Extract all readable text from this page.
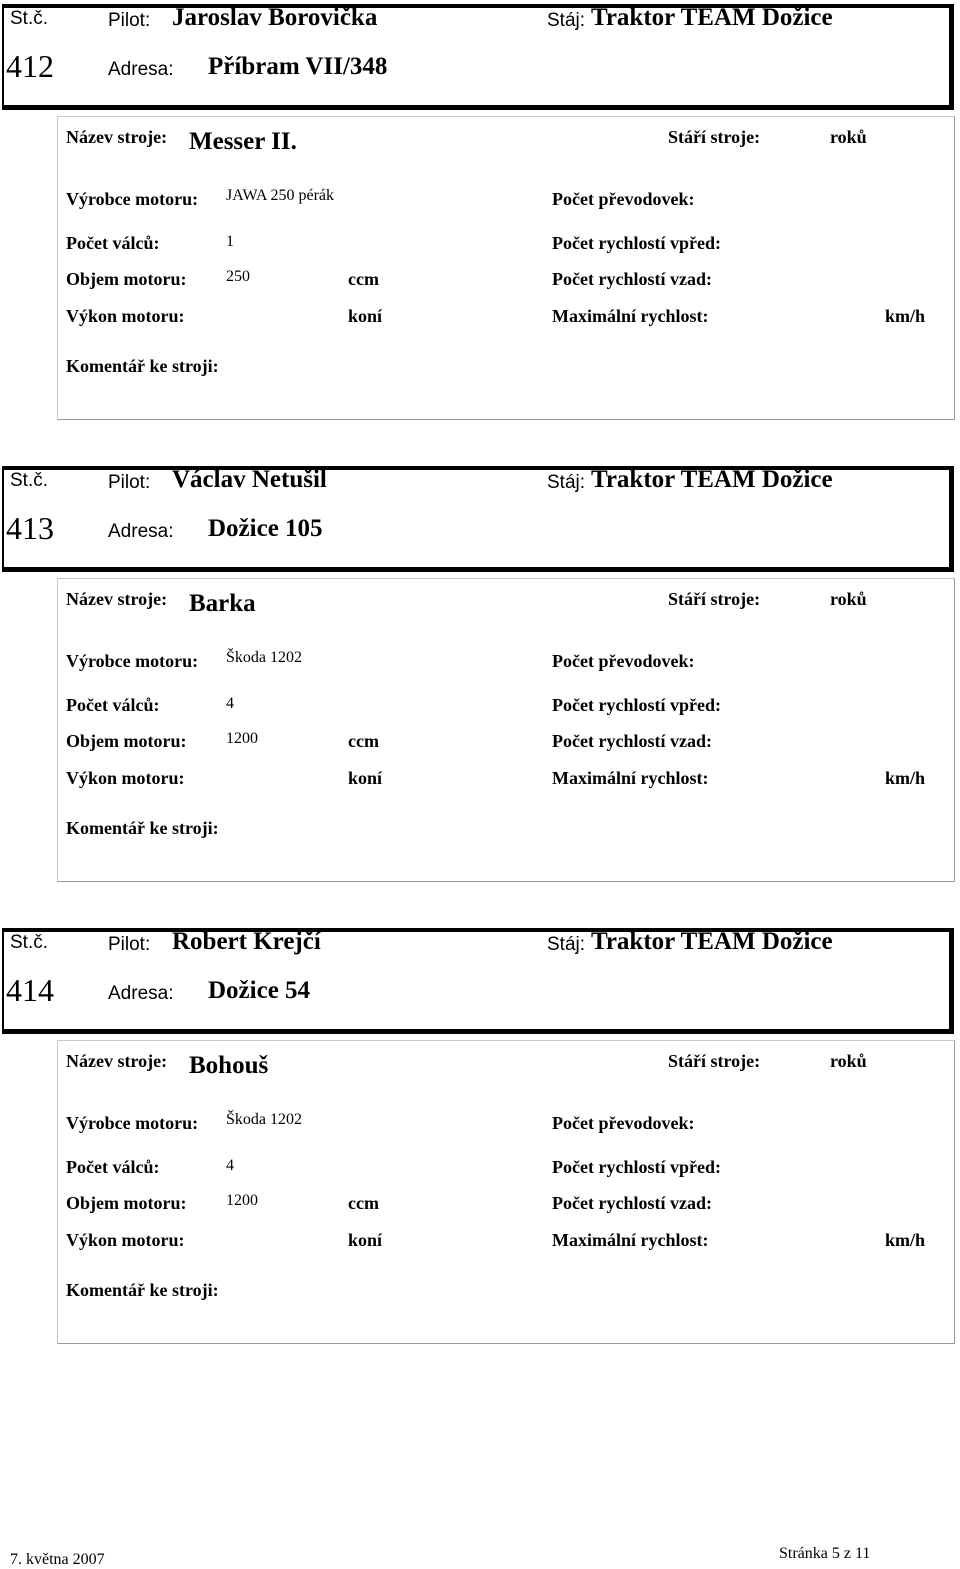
St.č.	Pilot: Jaroslav Borovička	Stáj: Traktor TEAM Dožice
412	Adresa: Příbram VII/348
Název stroje: Messer II.	Stáří stroje:	roků
Výrobce motoru: JAWA 250 pérák	Počet převodovek:
Počet válců:	1	Počet rychlostí vpřed:
Objem motoru: 250	ccm	Počet rychlostí vzad:
Výkon motoru:	koní	Maximální rychlost:	km/h
Komentář ke stroji:
St.č.	Pilot: Václav Netušil	Stáj: Traktor TEAM Dožice
413	Adresa: Dožice 105
Název stroje: Barka	Stáří stroje:	roků
Výrobce motoru: Škoda 1202	Počet převodovek:
Počet válců:	4	Počet rychlostí vpřed:
Objem motoru: 1200	ccm	Počet rychlostí vzad:
Výkon motoru:	koní	Maximální rychlost:	km/h
Komentář ke stroji:
St.č.	Pilot: Robert Krejčí	Stáj: Traktor TEAM Dožice
414	Adresa: Dožice 54
Název stroje: Bohouš	Stáří stroje:	roků
Výrobce motoru: Škoda 1202	Počet převodovek:
Počet válců:	4	Počet rychlostí vpřed:
Objem motoru: 1200	ccm	Počet rychlostí vzad:
Výkon motoru:	koní	Maximální rychlost:	km/h
Komentář ke stroji:
7. května 2007	Stránka 5 z 11
